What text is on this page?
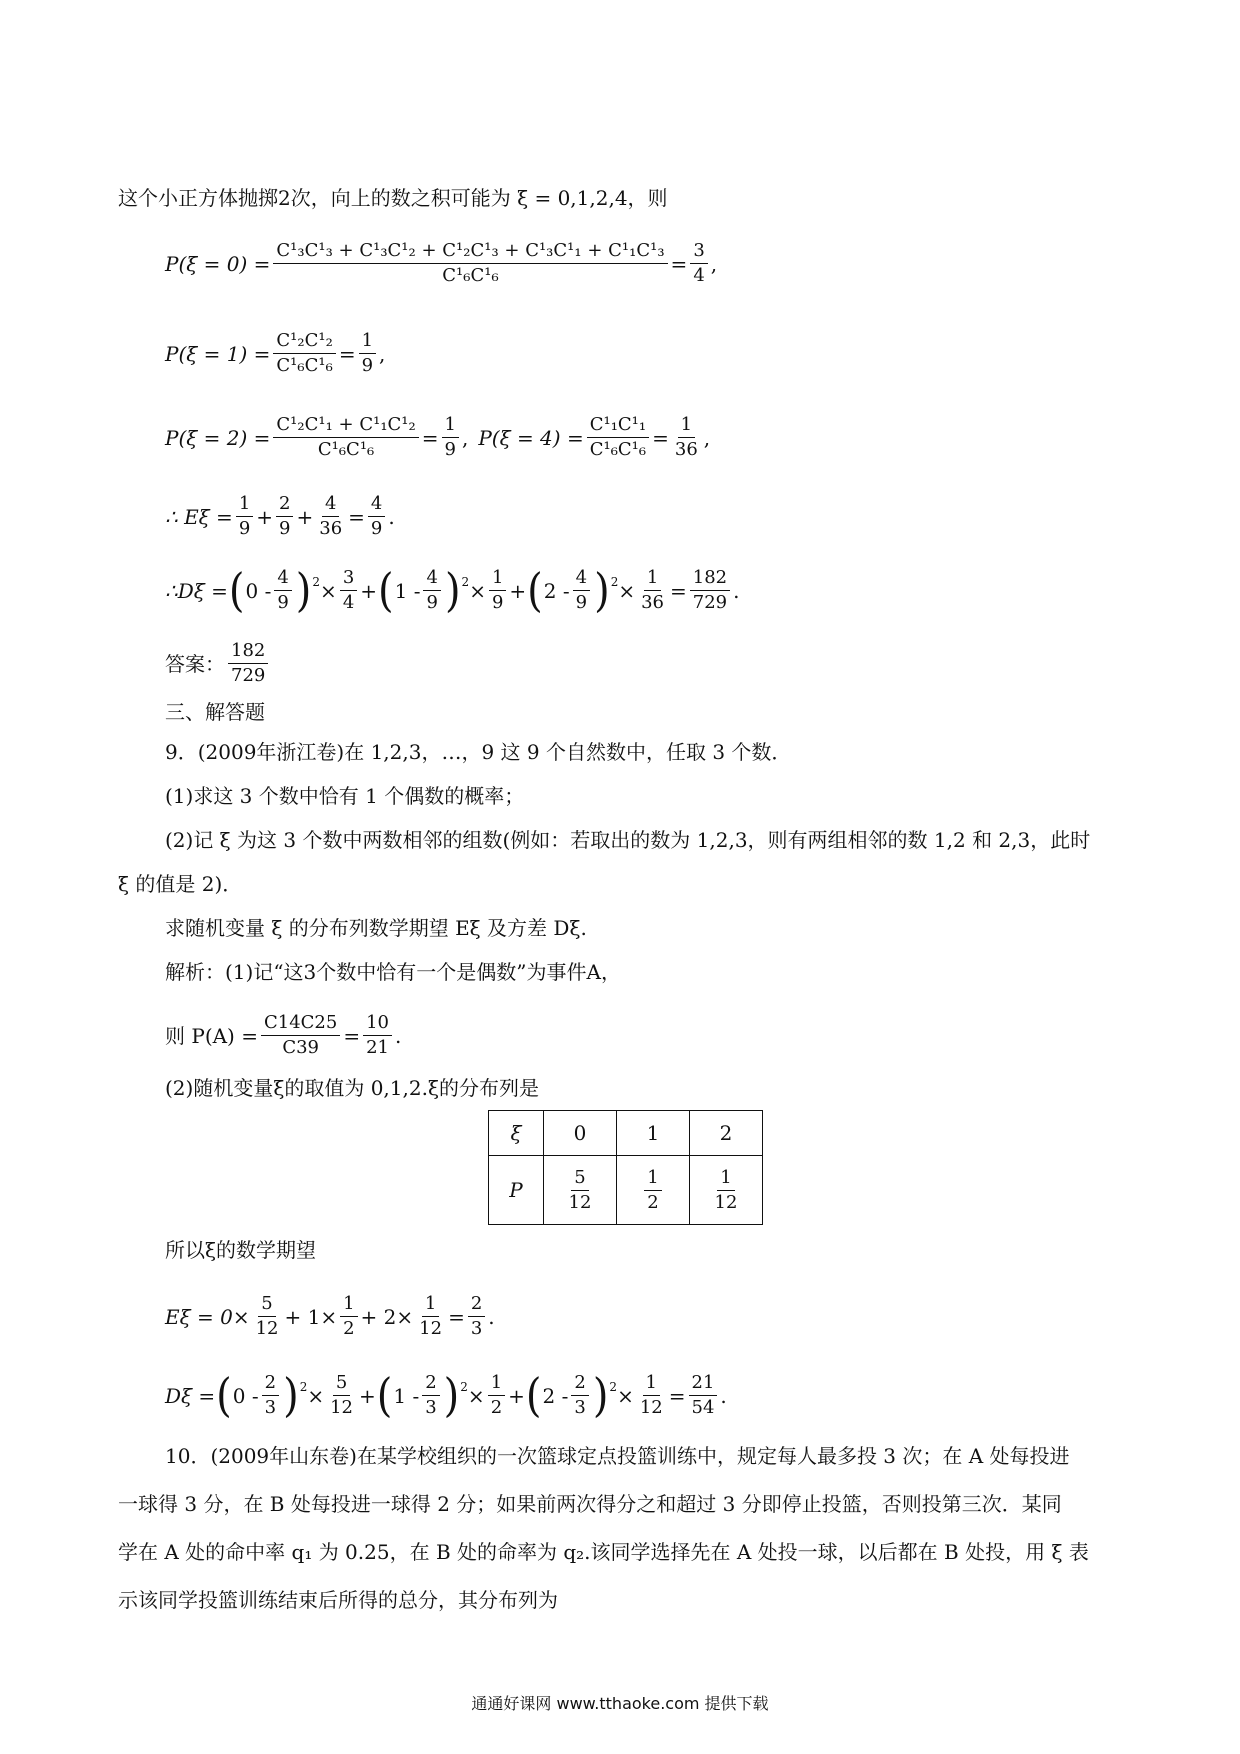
这个小正方体抛掷2次，向上的数之积可能为 ξ = 0,1,2,4，则
$P(\xi = 0) = \frac{\text{C¹₃C¹₃ + C¹₃C¹₂ + C¹₂C¹₃ + C¹₃C¹₁ + C¹₁C¹₃}}{\text{C¹₆C¹₆}} = \frac{3}{4}$ ,
$P(\xi = 1) = \frac{\text{C¹₂C¹₂}}{\text{C¹₆C¹₆}} = \frac{1}{9}$ ,
$P(\xi = 2) = \frac{\text{C¹₂C¹₁ + C¹₁C¹₂}}{\text{C¹₆C¹₆}} = \frac{1}{9}$ , $P(\xi = 4) = \frac{\text{C¹₁C¹₁}}{\text{C¹₆C¹₆}} = \frac{1}{36}$ ,
∴ $E\xi = \frac{1}{9} + \frac{2}{9} + \frac{4}{36} = \frac{4}{9}$ .
∴Dξ = ( $0 - \frac{4}{9}$ ) $2 \times \frac{3}{4}$ + ( $1 - \frac{4}{9}$ ) $2 \times \frac{1}{9}$ + ( $2 - \frac{4}{9}$ ) $2 \times \frac{1}{36} = \frac{182}{729}$ .
答案： $\frac{182}{729}$
三、解答题
9．(2009年浙江卷)在 1,2,3，…，9 这 9 个自然数中，任取 3 个数．
(1)求这 3 个数中恰有 1 个偶数的概率；
(2)记 ξ 为这 3 个数中两数相邻的组数(例如：若取出的数为 1,2,3，则有两组相邻的数 1,2 和 2,3，此时
ξ 的值是 2)．
求随机变量 ξ 的分布列数学期望 Eξ 及方差 Dξ.
解析：(1)记“这3个数中恰有一个是偶数”为事件A，
则 $P(A) = \frac{C14C25}{C39} = \frac{10}{21}$ .
(2)随机变量ξ的取值为 0,1,2.ξ的分布列是
ξ	0	1	2
P	$\frac{5}{12}$	$\frac{1}{2}$	$\frac{1}{12}$
所以ξ的数学期望
$E\xi = 0\times \frac{5}{12} + 1\times \frac{1}{2} + 2\times \frac{1}{12} = \frac{2}{3}$ .
Dξ = ( $0 - \frac{2}{3}$ ) $2 \times \frac{5}{12}$ + ( $1 - \frac{2}{3}$ ) $2 \times \frac{1}{2}$ + ( $2 - \frac{2}{3}$ ) $2 \times \frac{1}{12} = \frac{21}{54}$ .
10．(2009年山东卷)在某学校组织的一次篮球定点投篮训练中，规定每人最多投 3 次；在 A 处每投进
一球得 3 分，在 B 处每投进一球得 2 分；如果前两次得分之和超过 3 分即停止投篮，否则投第三次．某同
学在 A 处的命中率 q₁ 为 0.25，在 B 处的命率为 q₂.该同学选择先在 A 处投一球，以后都在 B 处投，用 ξ 表
示该同学投篮训练结束后所得的总分，其分布列为
通通好课网 www.tthaoke.com 提供下载
